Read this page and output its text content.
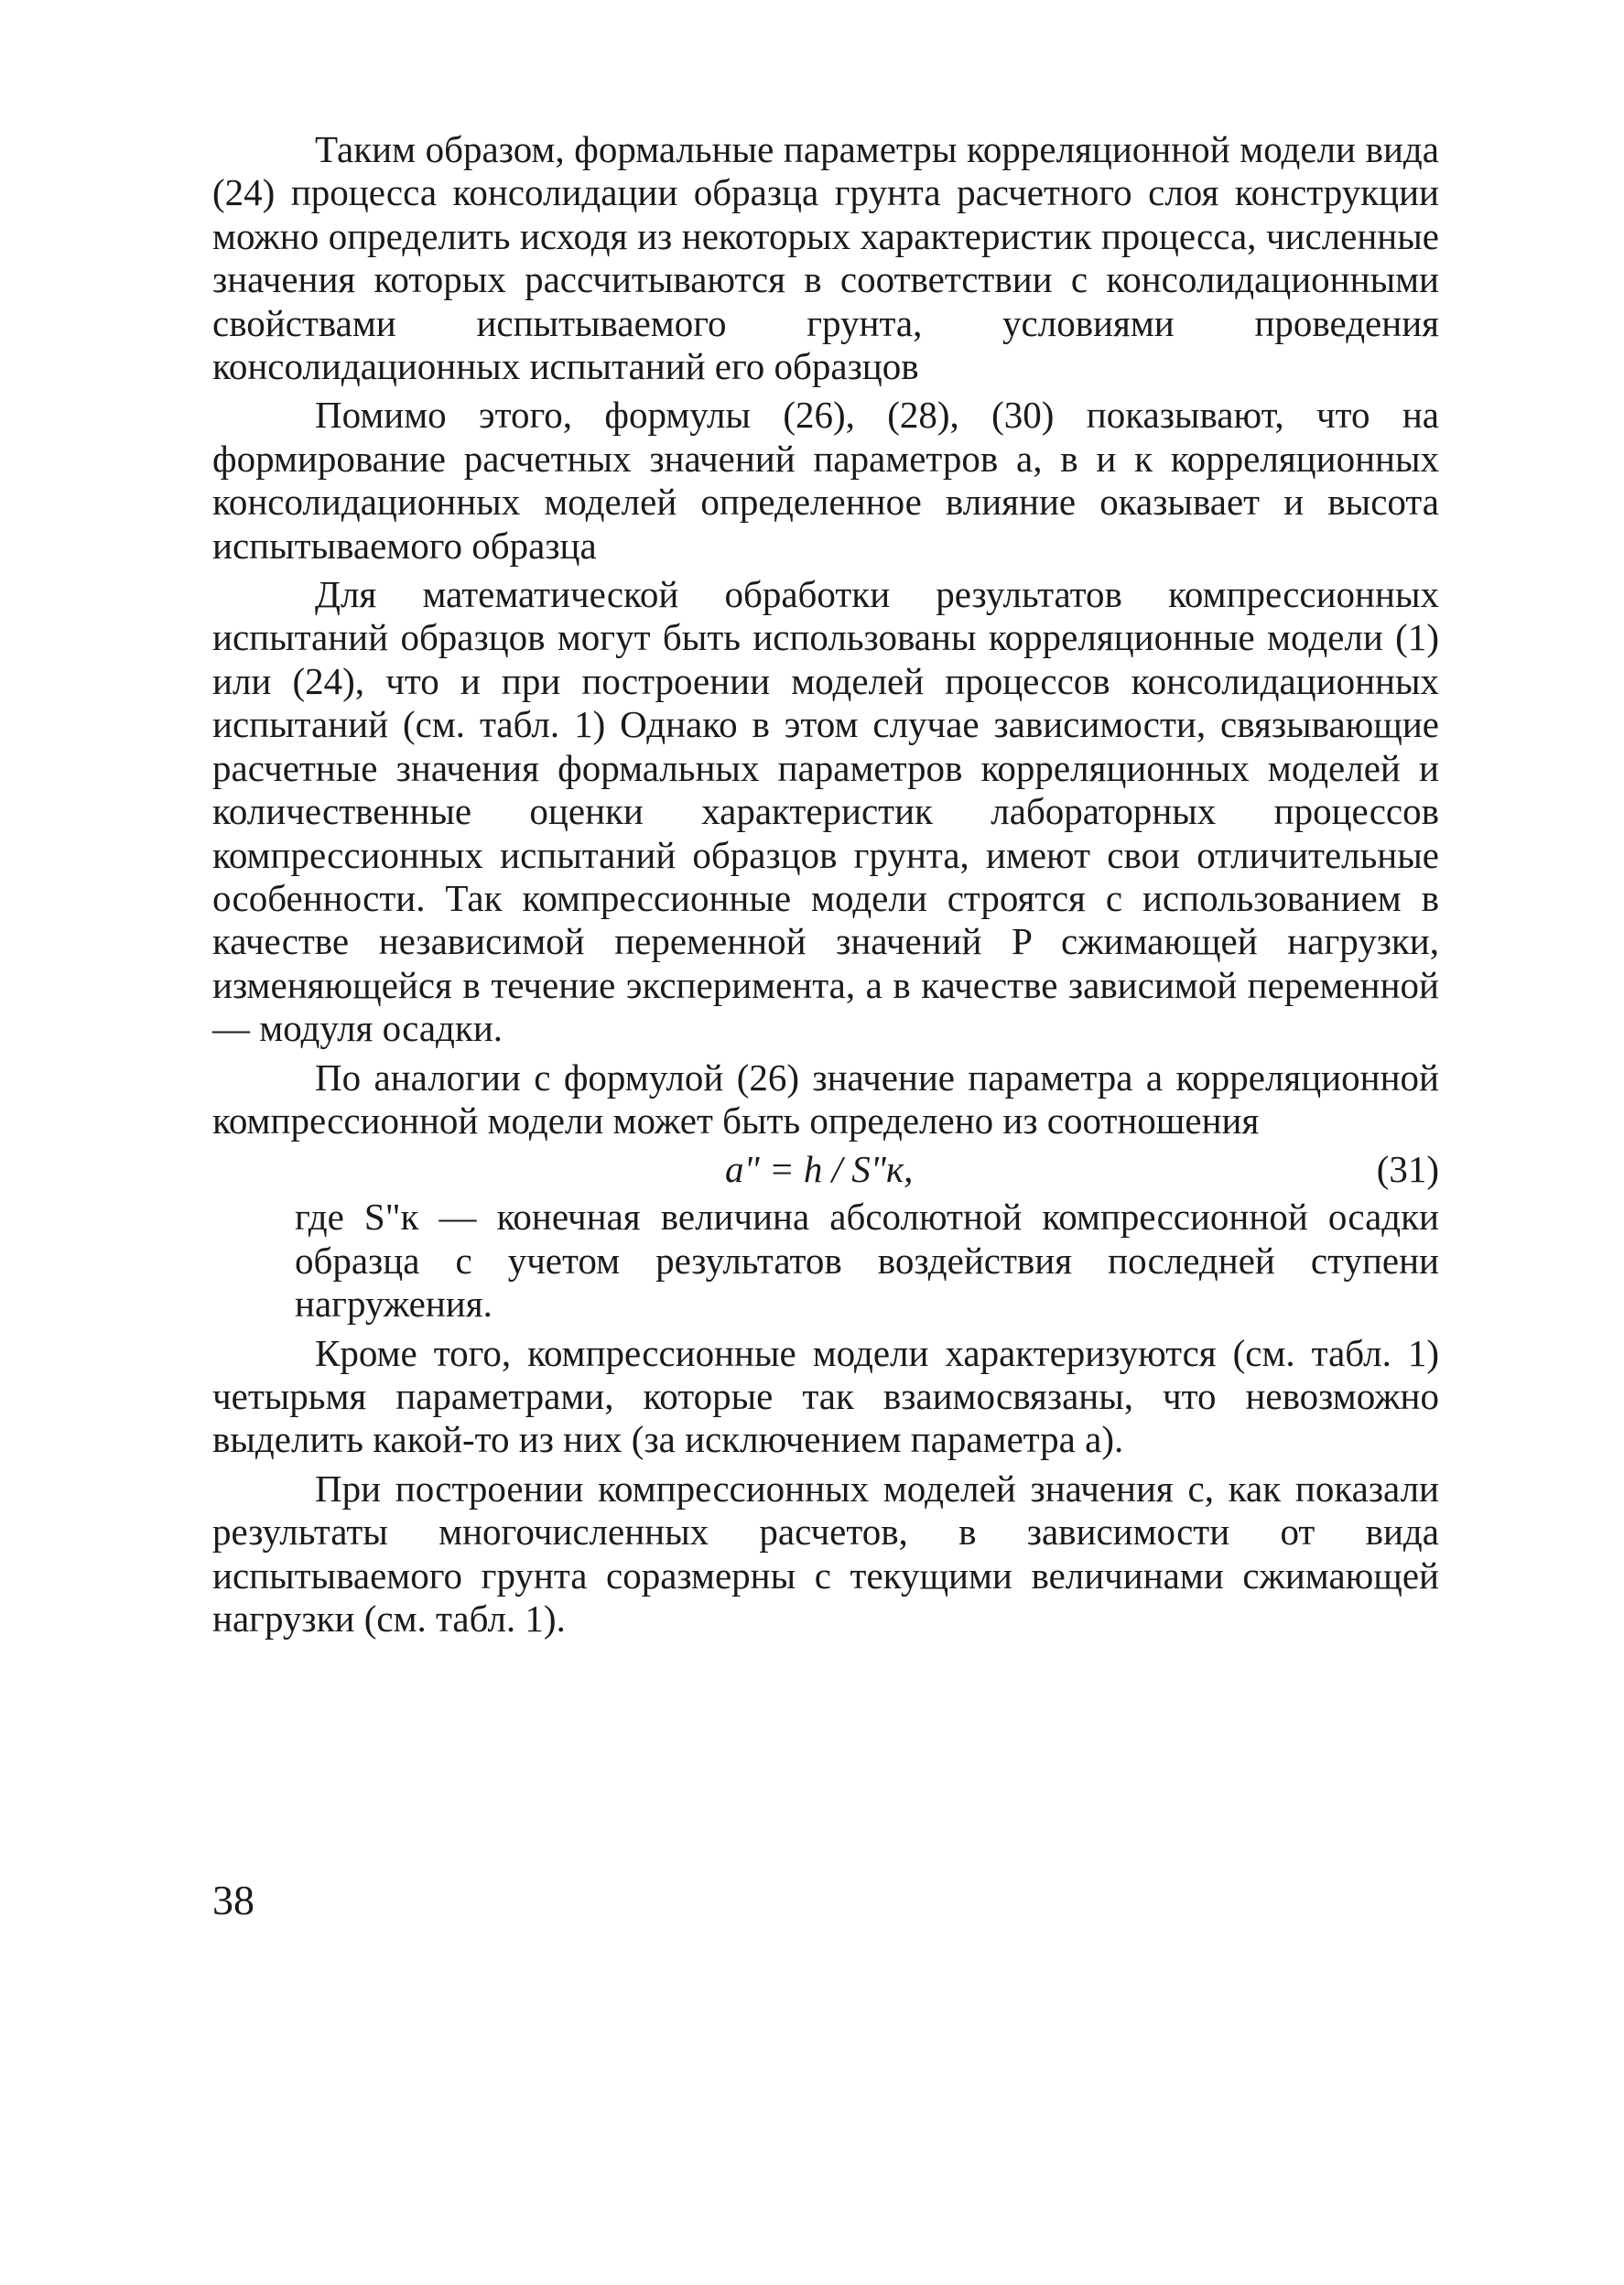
Таким образом, формальные параметры корреляционной модели вида (24) процесса консолидации образца грунта расчетного слоя конструкции можно определить исходя из некоторых характеристик процесса, численные значения которых рассчитываются в соответствии с консолидационными свойствами испытываемого грунта, условиями проведения консолидационных испытаний его образцов

Помимо этого, формулы (26), (28), (30) показывают, что на формирование расчетных значений параметров a, в и к корреляционных консолидационных моделей определенное влияние оказывает и высота испытываемого образца

Для математической обработки результатов компрессионных испытаний образцов могут быть использованы корреляционные модели (1) или (24), что и при построении моделей процессов консолидационных испытаний (см. табл. 1) Однако в этом случае зависимости, связывающие расчетные значения формальных параметров корреляционных моделей и количественные оценки характеристик лабораторных процессов компрессионных испытаний образцов грунта, имеют свои отличительные особенности. Так компрессионные модели строятся с использованием в качестве независимой переменной значений P сжимающей нагрузки, изменяющейся в течение эксперимента, а в качестве зависимой переменной — модуля осадки.

По аналогии с формулой (26) значение параметра a корреляционной компрессионной модели может быть определено из соотношения

a" = h / S"к,	(31)

где S"к — конечная величина абсолютной компрессионной осадки образца с учетом результатов воздействия последней ступени нагружения.

Кроме того, компрессионные модели характеризуются (см. табл. 1) четырьмя параметрами, которые так взаимосвязаны, что невозможно выделить какой-то из них (за исключением параметра a).

При построении компрессионных моделей значения c, как показали результаты многочисленных расчетов, в зависимости от вида испытываемого грунта соразмерны с текущими величинами сжимающей нагрузки (см. табл. 1).

38
